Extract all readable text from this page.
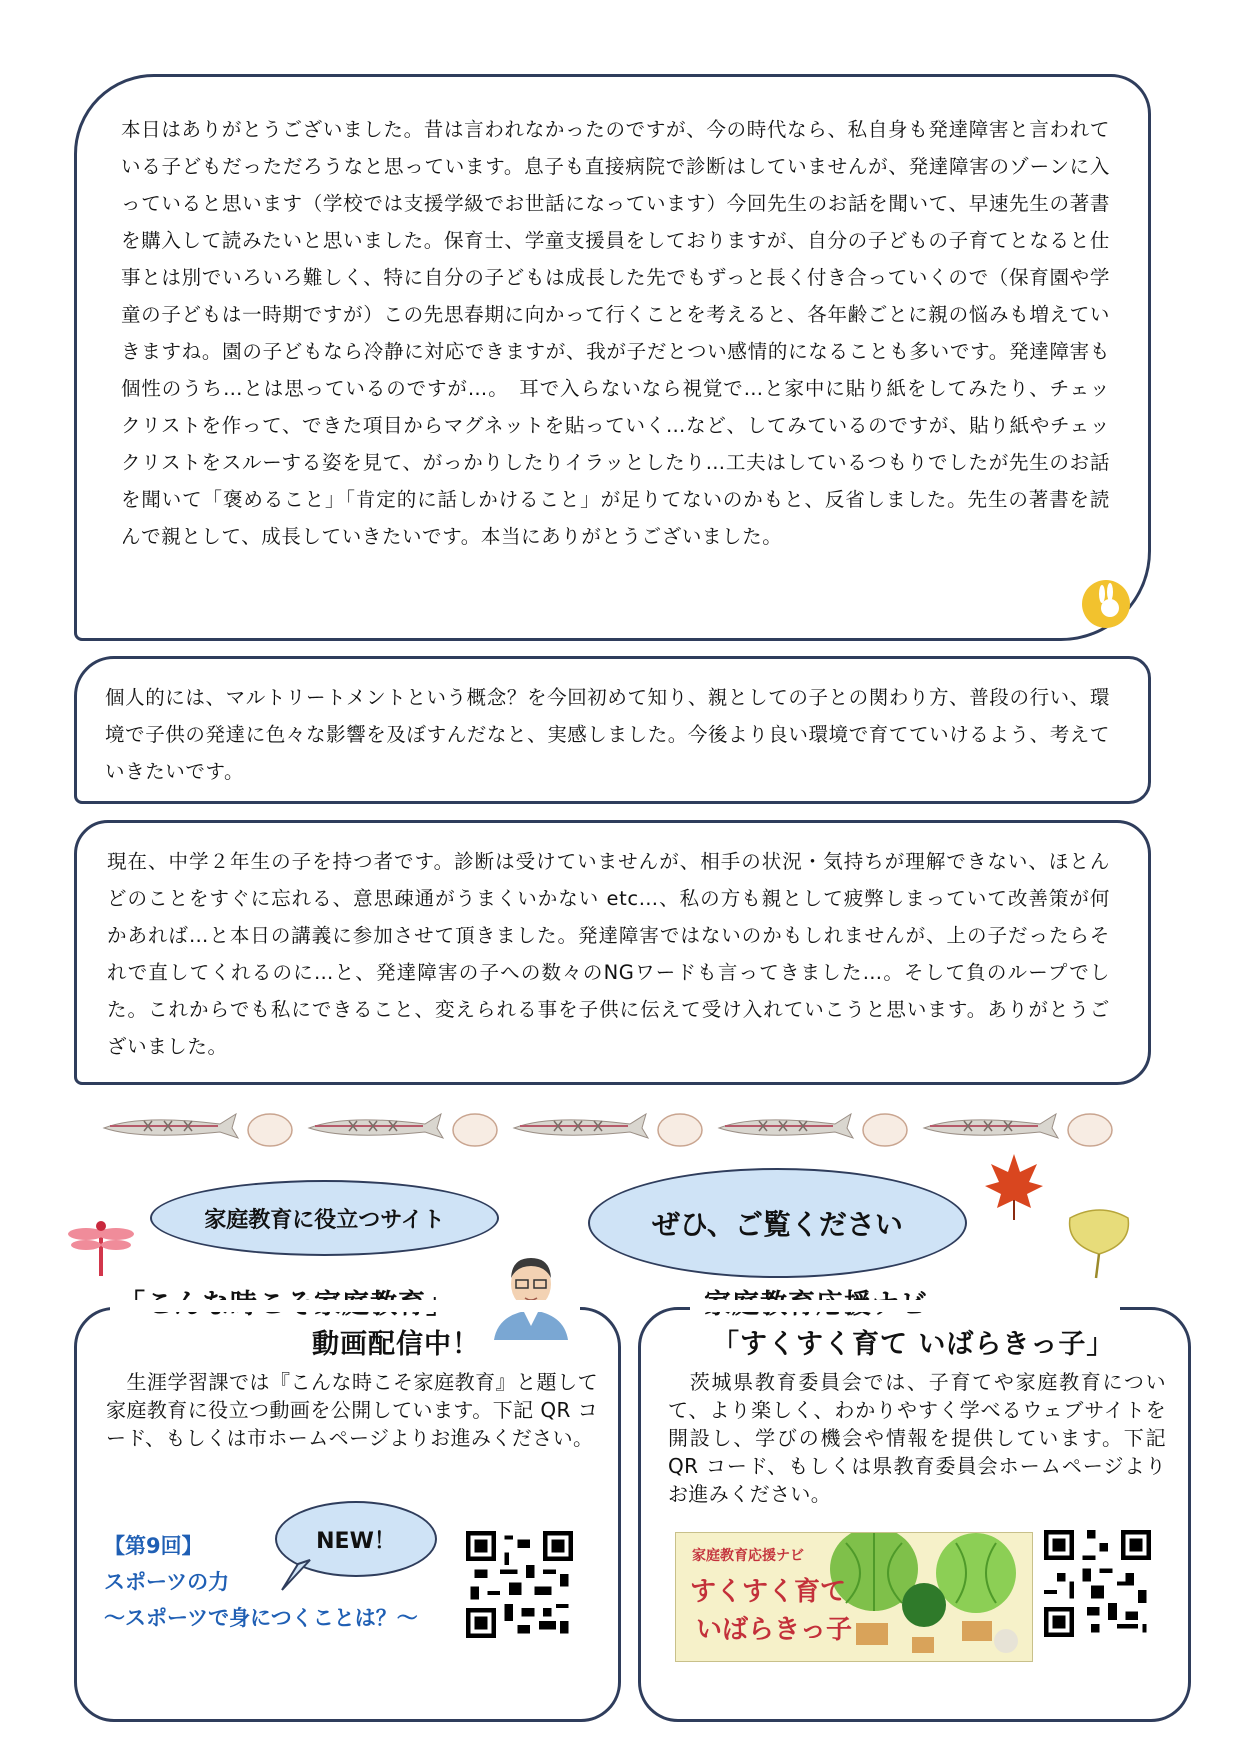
本日はありがとうございました。昔は言われなかったのですが、今の時代なら、私自身も発達障害と言われている子どもだっただろうなと思っています。息子も直接病院で診断はしていませんが、発達障害のゾーンに入っていると思います（学校では支援学級でお世話になっています）今回先生のお話を聞いて、早速先生の著書を購入して読みたいと思いました。保育士、学童支援員をしておりますが、自分の子どもの子育てとなると仕事とは別でいろいろ難しく、特に自分の子どもは成長した先でもずっと長く付き合っていくので（保育園や学童の子どもは一時期ですが）この先思春期に向かって行くことを考えると、各年齢ごとに親の悩みも増えていきますね。園の子どもなら冷静に対応できますが、我が子だとつい感情的になることも多いです。発達障害も個性のうち…とは思っているのですが…。　耳で入らないなら視覚で…と家中に貼り紙をしてみたり、チェックリストを作って、できた項目からマグネットを貼っていく…など、してみているのですが、貼り紙やチェックリストをスルーする姿を見て、がっかりしたりイラッとしたり…工夫はしているつもりでしたが先生のお話を聞いて「褒めること」「肯定的に話しかけること」が足りてないのかもと、反省しました。先生の著書を読んで親として、成長していきたいです。本当にありがとうございました。

個人的には、マルトリートメントという概念？を今回初めて知り、親としての子との関わり方、普段の行い、環境で子供の発達に色々な影響を及ぼすんだなと、実感しました。今後より良い環境で育てていけるよう、考えていきたいです。

現在、中学２年生の子を持つ者です。診断は受けていませんが、相手の状況・気持ちが理解できない、ほとんどのことをすぐに忘れる、意思疎通がうまくいかない etc…、私の方も親として疲弊しまっていて改善策が何かあれば…と本日の講義に参加させて頂きました。発達障害ではないのかもしれませんが、上の子だったらそれで直してくれるのに…と、発達障害の子への数々のNGワードも言ってきました…。そして負のループでした。これからでも私にできること、変えられる事を子供に伝えて受け入れていこうと思います。ありがとうございました。

家庭教育に役立つサイト	ぜひ、ご覧ください
動画配信中！	「すくすく育て いばらきっ子」

　生涯学習課では『こんな時こそ家庭教育』と題して家庭教育に役立つ動画を公開しています。下記 QR コード、もしくは市ホームページよりお進みください。

　茨城県教育委員会では、子育てや家庭教育について、より楽しく、わかりやすく学べるウェブサイトを開設し、学びの機会や情報を提供しています。下記 QR コード、もしくは県教育委員会ホームページよりお進みください。

NEW！
【第9回】
スポーツの力
～スポーツで身につくことは？～
家庭教育応援ナビ
すくすく育て
いばらきっ子
